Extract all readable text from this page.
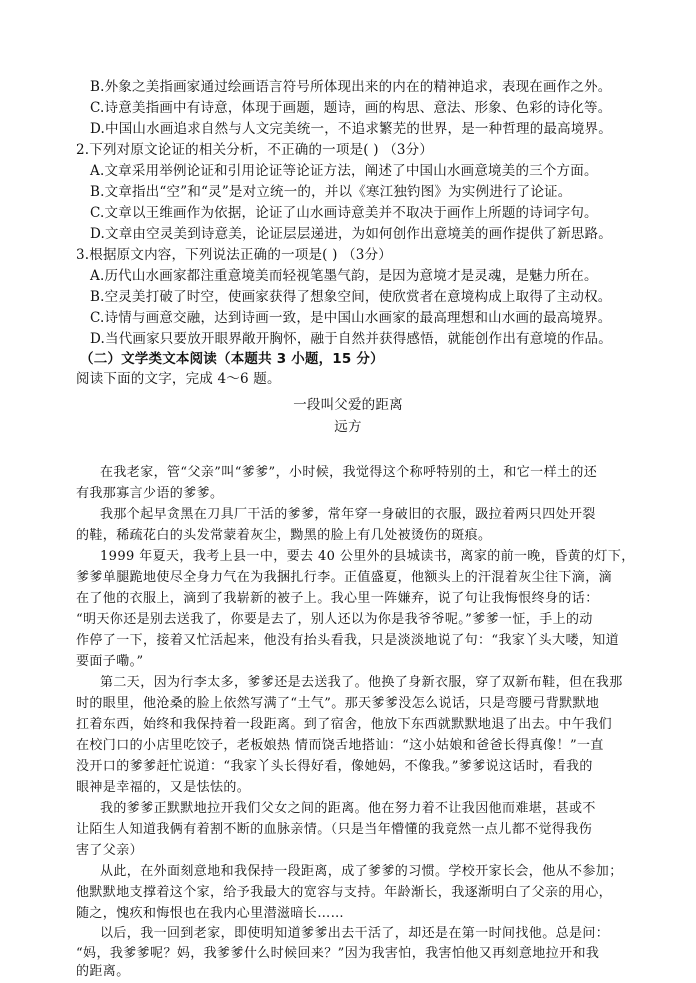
B.外象之美指画家通过绘画语言符号所体现出来的内在的精神追求，表现在画作之外。
C.诗意美指画中有诗意，体现于画题，题诗，画的构思、意法、形象、色彩的诗化等。
D.中国山水画追求自然与人文完美统一，不追求繁芜的世界，是一种哲理的最高境界。
2.下列对原文论证的相关分析，不正确的一项是( ) （3分）
A.文章采用举例论证和引用论证等论证方法，阐述了中国山水画意境美的三个方面。
B.文章指出“空”和“灵”是对立统一的，并以《寒江独钓图》为实例进行了论证。
C.文章以王维画作为依据，论证了山水画诗意美并不取决于画作上所题的诗词字句。
D.文章由空灵美到诗意美，论证层层递进，为如何创作出意境美的画作提供了新思路。
3.根据原文内容，下列说法正确的一项是( ) （3分）
A.历代山水画家都注重意境美而轻视笔墨气韵，是因为意境才是灵魂，是魅力所在。
B.空灵美打破了时空，使画家获得了想象空间，使欣赏者在意境构成上取得了主动权。
C.诗情与画意交融，达到诗画一致，是中国山水画家的最高理想和山水画的最高境界。
D.当代画家只要放开眼界敞开胸怀，融于自然并获得感悟，就能创作出有意境的作品。
（二）文学类文本阅读（本题共 3 小题，15 分）
阅读下面的文字，完成 4～6 题。
一段叫父爱的距离
远方
在我老家，管“父亲”叫“爹爹”，小时候，我觉得这个称呼特别的土，和它一样土的还
有我那寡言少语的爹爹。
我那个起早贪黑在刀具厂干活的爹爹，常年穿一身破旧的衣服，趿拉着两只四处开裂
的鞋，稀疏花白的头发常蒙着灰尘，黝黑的脸上有几处被烫伤的斑痕。
1999 年夏天，我考上县一中，要去 40 公里外的县城读书，离家的前一晚，昏黄的灯下，
爹爹单腿跪地使尽全身力气在为我捆扎行李。正值盛夏，他额头上的汗混着灰尘往下滴，滴
在了他的衣服上，滴到了我崭新的被子上。我心里一阵嫌弃，说了句让我悔恨终身的话：
“明天你还是别去送我了，你要是去了，别人还以为你是我爷爷呢。”爹爹一怔，手上的动
作停了一下，接着又忙活起来，他没有抬头看我，只是淡淡地说了句：“我家丫头大喽，知道
要面子嘞。”
第二天，因为行李太多，爹爹还是去送我了。他换了身新衣服，穿了双新布鞋，但在我那
时的眼里，他沧桑的脸上依然写满了“土气”。那天爹爹没怎么说话，只是弯腰弓背默默地
扛着东西，始终和我保持着一段距离。到了宿舍，他放下东西就默默地退了出去。中午我们
在校门口的小店里吃饺子，老板娘热 情而饶舌地搭讪：“这小姑娘和爸爸长得真像！”一直
没开口的爹爹赶忙说道：“我家丫头长得好看，像她妈，不像我。”爹爹说这话时，看我的
眼神是幸福的，又是怯怯的。
我的爹爹正默默地拉开我们父女之间的距离。他在努力着不让我因他而难堪，甚或不
让陌生人知道我俩有着割不断的血脉亲情。（只是当年懵懂的我竟然一点儿都不觉得我伤
害了父亲）
从此，在外面刻意地和我保持一段距离，成了爹爹的习惯。学校开家长会，他从不参加；
他默默地支撑着这个家，给予我最大的宽容与支持。年龄渐长，我逐渐明白了父亲的用心，
随之，愧疚和悔恨也在我内心里潜滋暗长……
以后，我一回到老家，即使明知道爹爹出去干活了，却还是在第一时间找他。总是问：
“妈，我爹爹呢？妈，我爹爹什么时候回来？”因为我害怕，我害怕他又再刻意地拉开和我
的距离。
